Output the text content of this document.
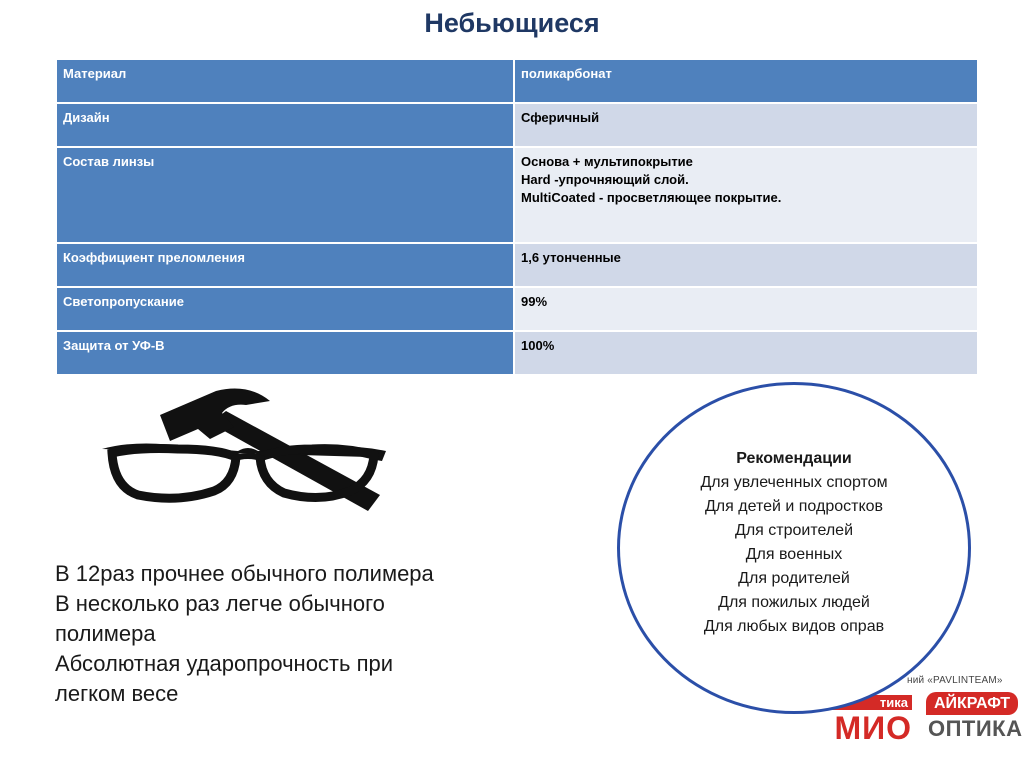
Небьющиеся
Материал	поликарбонат

Дизайн	Сферичный

Состав линзы	Основа + мультипокрытие
Hard -упрочняющий слой.
MultiCoated - просветляющее покрытие.

Коэффициент преломления	1,6 утонченные

Светопропускание	99%

Защита от УФ-В	100%
В 12раз прочнее обычного полимера
В несколько раз легче обычного
полимера
Абсолютная ударопрочность при
легком весе
ний «PAVLINTEAM»
тика
МИО
АЙКРАФТ
ОПТИКА
Рекомендации
Для увлеченных спортом
Для детей и подростков
Для строителей
Для военных
Для родителей
Для пожилых людей
Для любых видов оправ
